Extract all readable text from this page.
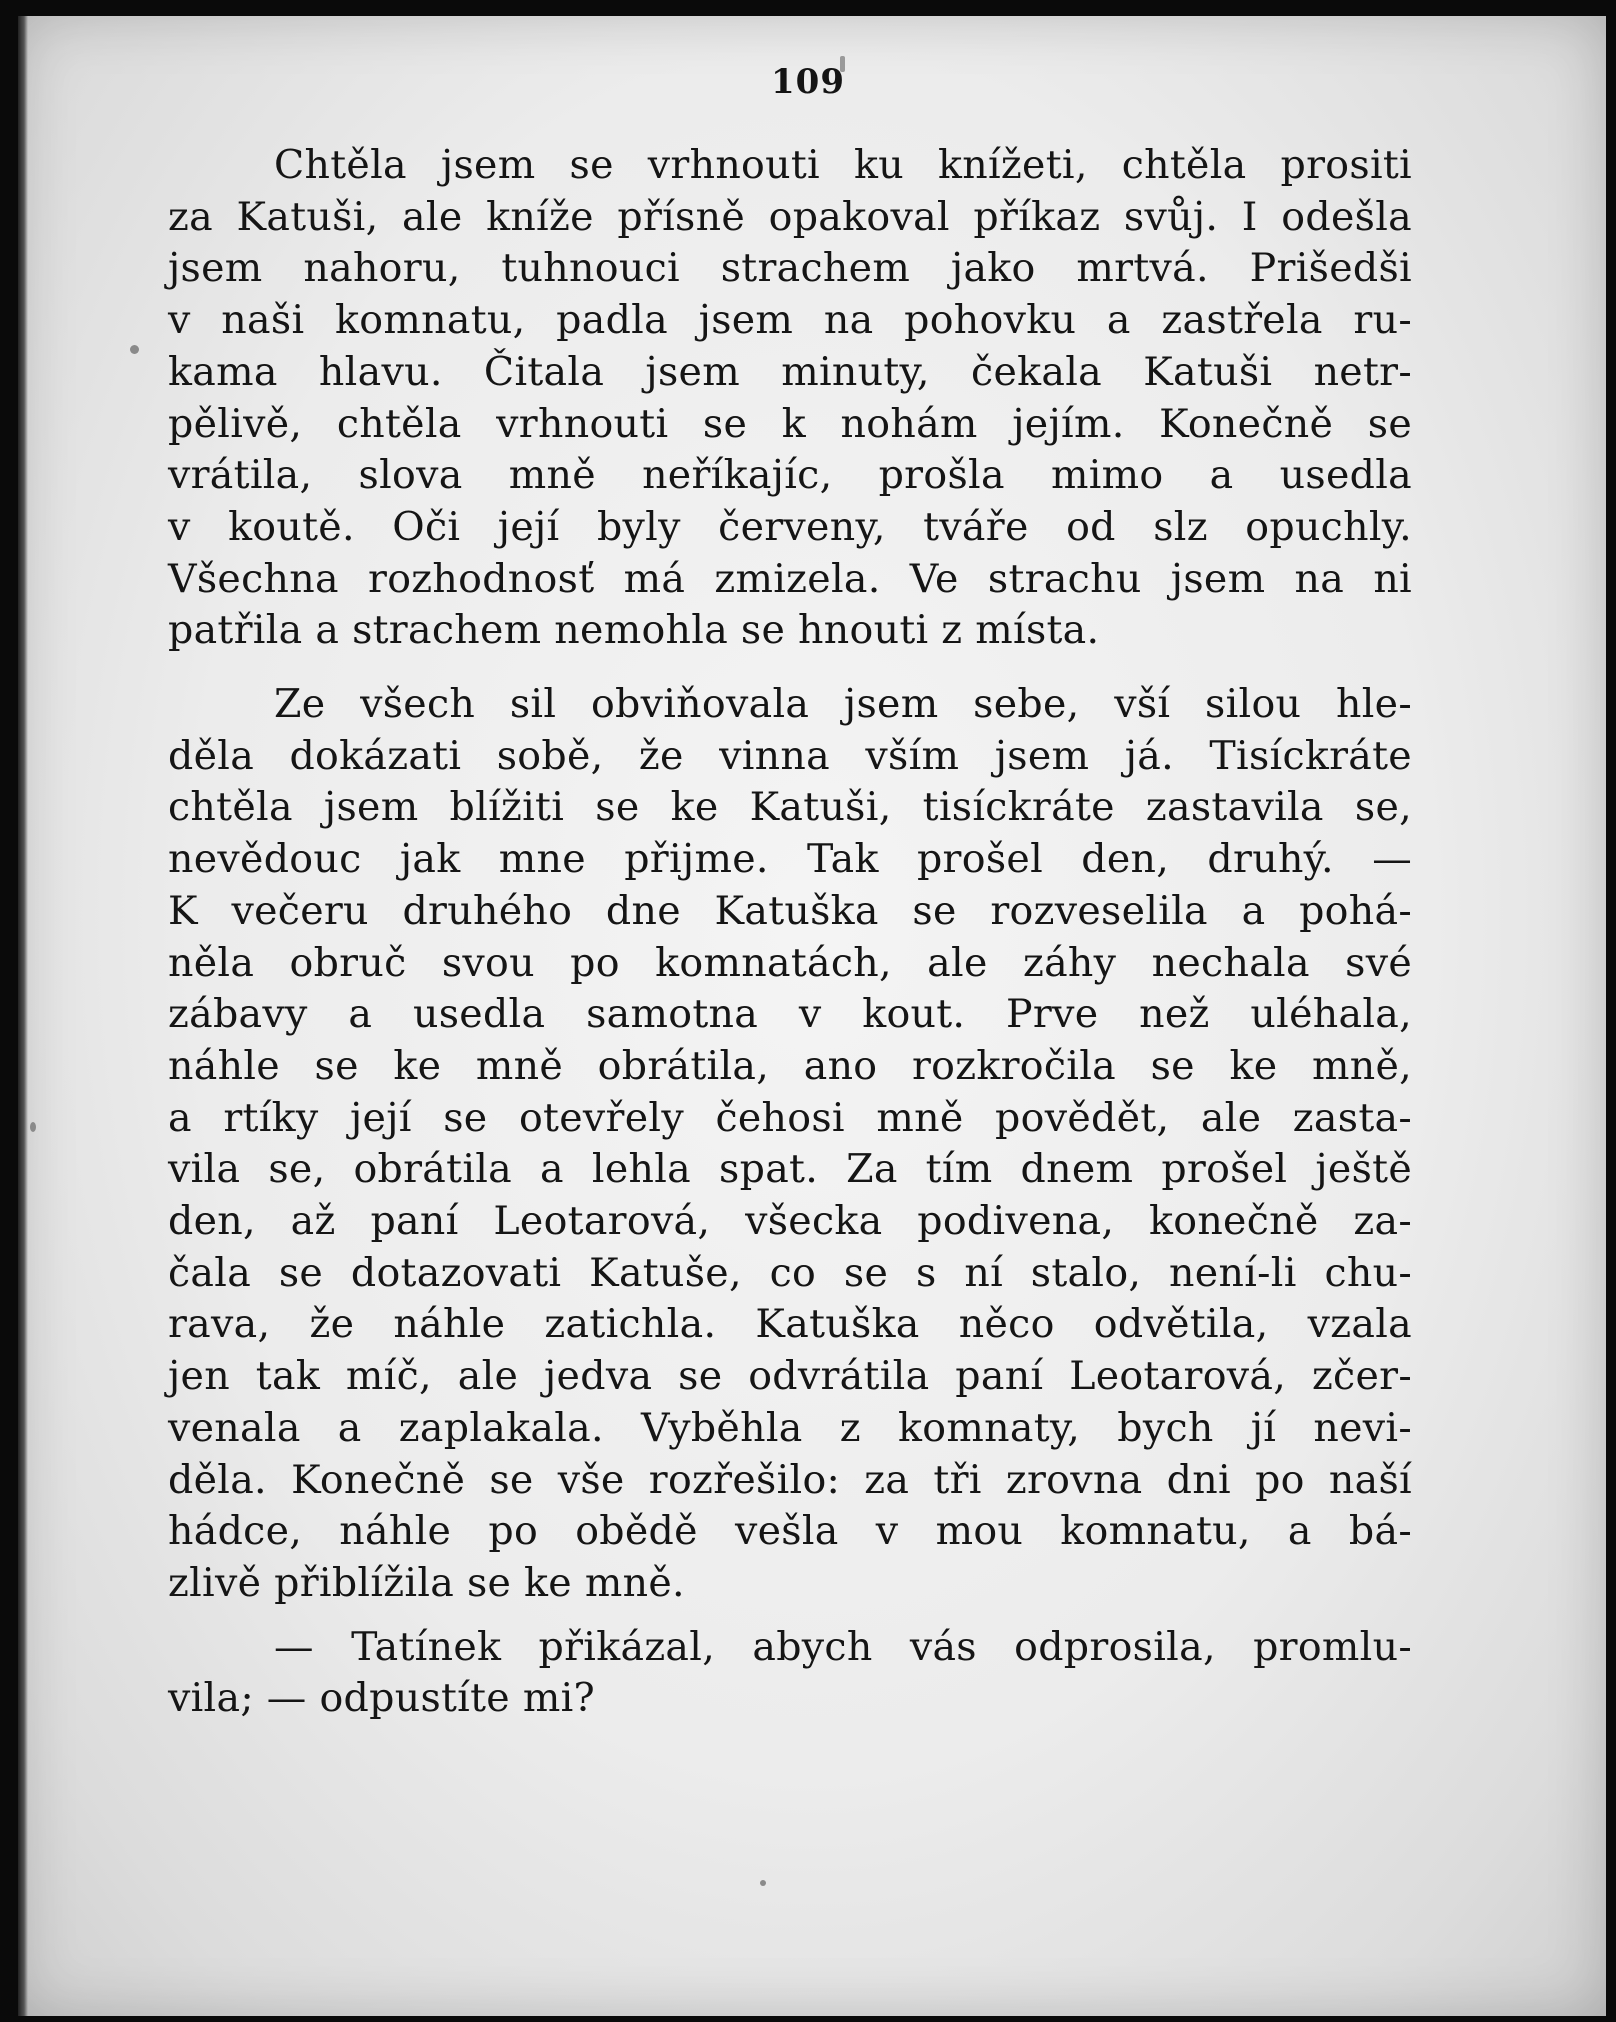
109
Chtěla jsem se vrhnouti ku knížeti, chtěla prositi
za Katuši, ale kníže přísně opakoval příkaz svůj. I odešla
jsem nahoru, tuhnouci strachem jako mrtvá. Prišedši
v naši komnatu, padla jsem na pohovku a zastřela ru-
kama hlavu. Čitala jsem minuty, čekala Katuši netr-
pělivě, chtěla vrhnouti se k nohám jejím. Konečně se
vrátila, slova mně neříkajíc, prošla mimo a usedla
v koutě. Oči její byly červeny, tváře od slz opuchly.
Všechna rozhodnosť má zmizela. Ve strachu jsem na ni
patřila a strachem nemohla se hnouti z místa.
Ze všech sil obviňovala jsem sebe, vší silou hle-
děla dokázati sobě, že vinna vším jsem já. Tisíckráte
chtěla jsem blížiti se ke Katuši, tisíckráte zastavila se,
nevědouc jak mne přijme. Tak prošel den, druhý. —
K večeru druhého dne Katuška se rozveselila a pohá-
něla obruč svou po komnatách, ale záhy nechala své
zábavy a usedla samotna v kout. Prve než uléhala,
náhle se ke mně obrátila, ano rozkročila se ke mně,
a rtíky její se otevřely čehosi mně povědět, ale zasta-
vila se, obrátila a lehla spat. Za tím dnem prošel ještě
den, až paní Leotarová, všecka podivena, konečně za-
čala se dotazovati Katuše, co se s ní stalo, není-li chu-
rava, že náhle zatichla. Katuška něco odvětila, vzala
jen tak míč, ale jedva se odvrátila paní Leotarová, zčer-
venala a zaplakala. Vyběhla z komnaty, bych jí nevi-
děla. Konečně se vše rozřešilo: za tři zrovna dni po naší
hádce, náhle po obědě vešla v mou komnatu, a bá-
zlivě přiblížila se ke mně.
— Tatínek přikázal, abych vás odprosila, promlu-
vila; — odpustíte mi?
